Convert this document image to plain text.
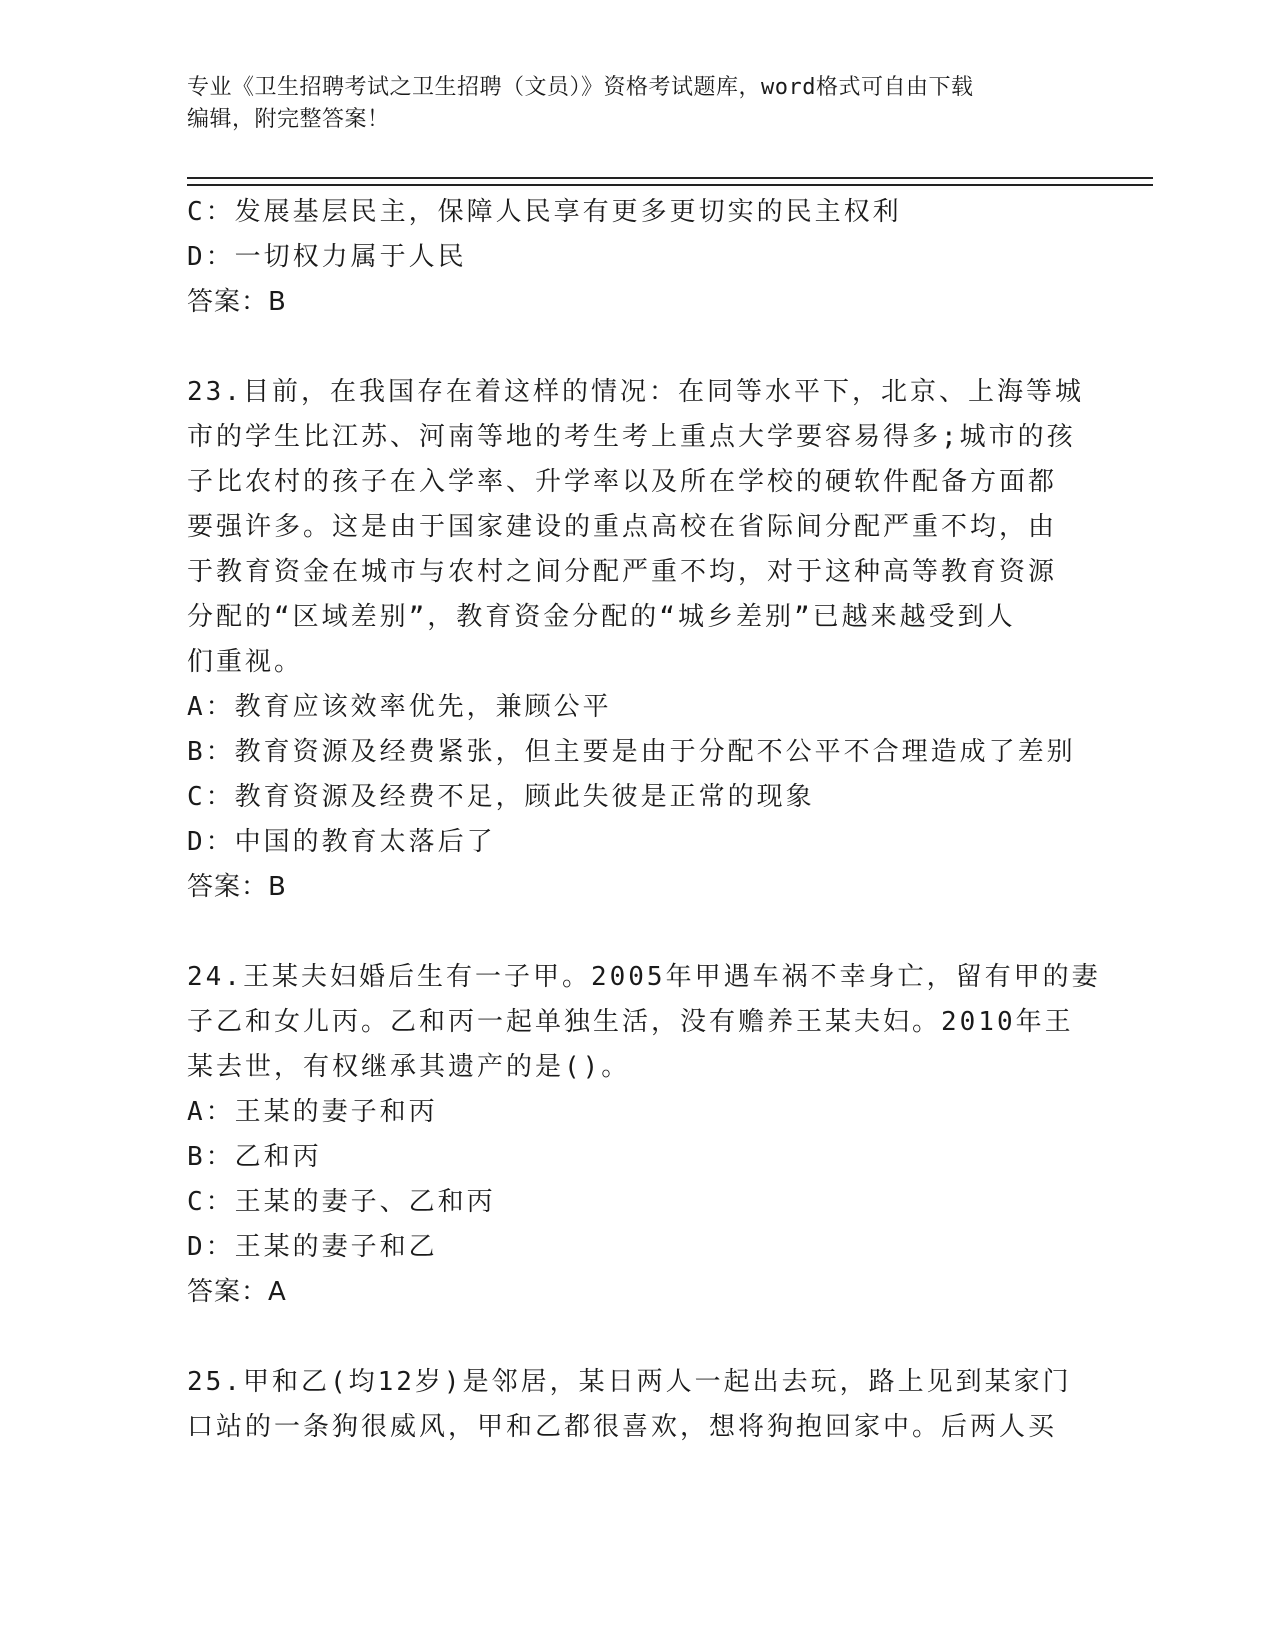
专业《卫生招聘考试之卫生招聘（文员）》资格考试题库，word格式可自由下载
编辑，附完整答案！
C：发展基层民主，保障人民享有更多更切实的民主权利
D：一切权力属于人民
答案：B
23.目前，在我国存在着这样的情况：在同等水平下，北京、上海等城
市的学生比江苏、河南等地的考生考上重点大学要容易得多;城市的孩
子比农村的孩子在入学率、升学率以及所在学校的硬软件配备方面都
要强许多。这是由于国家建设的重点高校在省际间分配严重不均，由
于教育资金在城市与农村之间分配严重不均，对于这种高等教育资源
分配的“区域差别”，教育资金分配的“城乡差别”已越来越受到人
们重视。
A：教育应该效率优先，兼顾公平
B：教育资源及经费紧张，但主要是由于分配不公平不合理造成了差别
C：教育资源及经费不足，顾此失彼是正常的现象
D：中国的教育太落后了
答案：B
24.王某夫妇婚后生有一子甲。2005年甲遇车祸不幸身亡，留有甲的妻
子乙和女儿丙。乙和丙一起单独生活，没有赡养王某夫妇。2010年王
某去世，有权继承其遗产的是()。
A：王某的妻子和丙
B：乙和丙
C：王某的妻子、乙和丙
D：王某的妻子和乙
答案：A
25.甲和乙(均12岁)是邻居，某日两人一起出去玩，路上见到某家门
口站的一条狗很威风，甲和乙都很喜欢，想将狗抱回家中。后两人买
